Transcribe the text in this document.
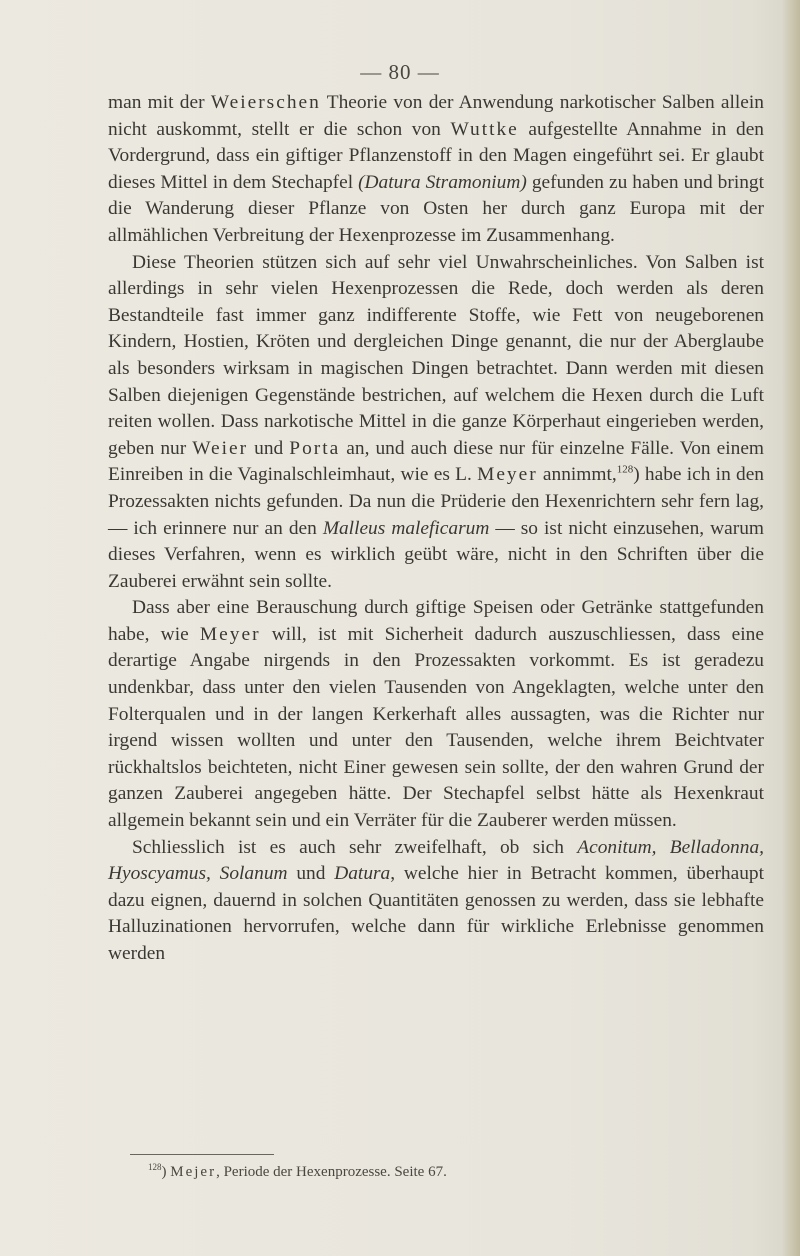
— 80 —

man mit der Weierschen Theorie von der Anwendung narkotischer Salben allein nicht auskommt, stellt er die schon von Wuttke aufgestellte Annahme in den Vordergrund, dass ein giftiger Pflanzenstoff in den Magen eingeführt sei. Er glaubt dieses Mittel in dem Stechapfel (Datura Stramonium) gefunden zu haben und bringt die Wanderung dieser Pflanze von Osten her durch ganz Europa mit der allmählichen Verbreitung der Hexenprozesse im Zusammenhang.

Diese Theorien stützen sich auf sehr viel Unwahrscheinliches. Von Salben ist allerdings in sehr vielen Hexenprozessen die Rede, doch werden als deren Bestandteile fast immer ganz indifferente Stoffe, wie Fett von neugeborenen Kindern, Hostien, Kröten und dergleichen Dinge genannt, die nur der Aberglaube als besonders wirksam in magischen Dingen betrachtet. Dann werden mit diesen Salben diejenigen Gegenstände bestrichen, auf welchem die Hexen durch die Luft reiten wollen. Dass narkotische Mittel in die ganze Körperhaut eingerieben werden, geben nur Weier und Porta an, und auch diese nur für einzelne Fälle. Von einem Einreiben in die Vaginalschleimhaut, wie es L. Meyer annimmt,$^{128}$) habe ich in den Prozessakten nichts gefunden. Da nun die Prüderie den Hexenrichtern sehr fern lag, — ich erinnere nur an den Malleus maleficarum — so ist nicht einzusehen, warum dieses Verfahren, wenn es wirklich geübt wäre, nicht in den Schriften über die Zauberei erwähnt sein sollte.

Dass aber eine Berauschung durch giftige Speisen oder Getränke stattgefunden habe, wie Meyer will, ist mit Sicherheit dadurch auszuschliessen, dass eine derartige Angabe nirgends in den Prozessakten vorkommt. Es ist geradezu undenkbar, dass unter den vielen Tausenden von Angeklagten, welche unter den Folterqualen und in der langen Kerkerhaft alles aussagten, was die Richter nur irgend wissen wollten und unter den Tausenden, welche ihrem Beichtvater rückhaltslos beichteten, nicht Einer gewesen sein sollte, der den wahren Grund der ganzen Zauberei angegeben hätte. Der Stechapfel selbst hätte als Hexenkraut allgemein bekannt sein und ein Verräter für die Zauberer werden müssen.

Schliesslich ist es auch sehr zweifelhaft, ob sich Aconitum, Belladonna, Hyoscyamus, Solanum und Datura, welche hier in Betracht kommen, überhaupt dazu eignen, dauernd in solchen Quantitäten genossen zu werden, dass sie lebhafte Halluzinationen hervorrufen, welche dann für wirkliche Erlebnisse genommen werden

$^{128}$) Mejer, Periode der Hexenprozesse. Seite 67.
